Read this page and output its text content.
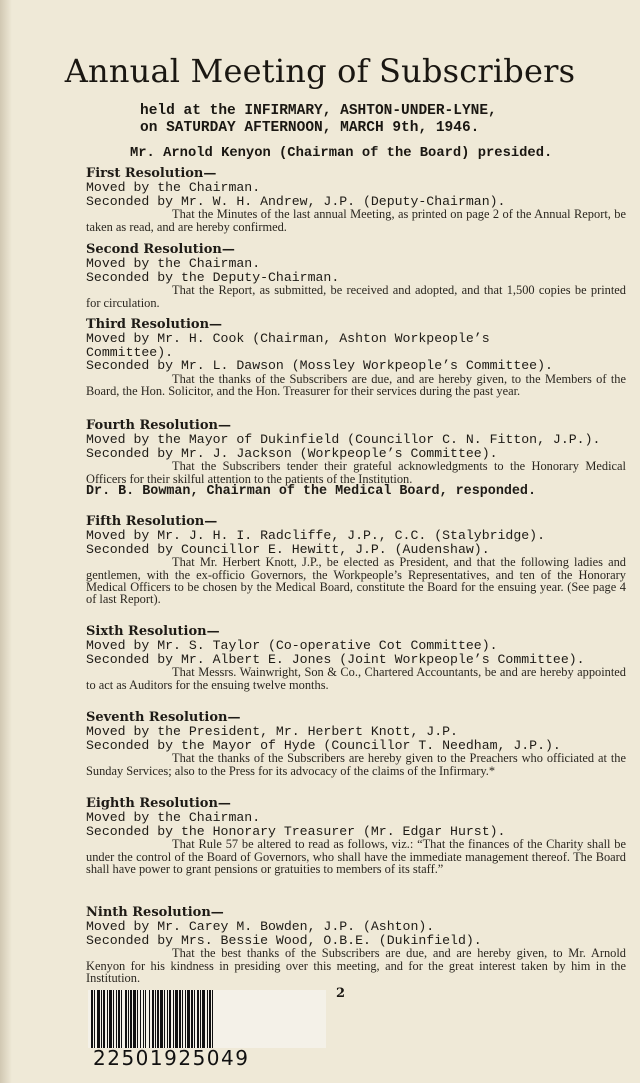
Annual Meeting of Subscribers
held at the INFIRMARY, ASHTON-UNDER-LYNE,
on SATURDAY AFTERNOON, MARCH 9th, 1946.
Mr. Arnold Kenyon (Chairman of the Board) presided.
First Resolution—
Moved by the Chairman.
Seconded by Mr. W. H. Andrew, J.P. (Deputy-Chairman).
That the Minutes of the last annual Meeting, as printed on page 2 of the Annual Report, be taken as read, and are hereby confirmed.
Second Resolution—
Moved by the Chairman.
Seconded by the Deputy-Chairman.
That the Report, as submitted, be received and adopted, and that 1,500 copies be printed for circulation.
Third Resolution—
Moved by Mr. H. Cook (Chairman, Ashton Workpeople’s
Committee).
Seconded by Mr. L. Dawson (Mossley Workpeople’s Committee).
That the thanks of the Subscribers are due, and are hereby given, to the Members of the Board, the Hon. Solicitor, and the Hon. Treasurer for their services during the past year.
Fourth Resolution—
Moved by the Mayor of Dukinfield (Councillor C. N. Fitton, J.P.).
Seconded by Mr. J. Jackson (Workpeople’s Committee).
That the Subscribers tender their grateful acknowledgments to the Honorary Medical Officers for their skilful attention to the patients of the Institution.
Dr. B. Bowman, Chairman of the Medical Board, responded.
Fifth Resolution—
Moved by Mr. J. H. I. Radcliffe, J.P., C.C. (Stalybridge).
Seconded by Councillor E. Hewitt, J.P. (Audenshaw).
That Mr. Herbert Knott, J.P., be elected as President, and that the following ladies and gentlemen, with the ex-officio Governors, the Workpeople’s Representatives, and ten of the Honorary Medical Officers to be chosen by the Medical Board, constitute the Board for the ensuing year. (See page 4 of last Report).
Sixth Resolution—
Moved by Mr. S. Taylor (Co-operative Cot Committee).
Seconded by Mr. Albert E. Jones (Joint Workpeople’s Committee).
That Messrs. Wainwright, Son & Co., Chartered Accountants, be and are hereby appointed to act as Auditors for the ensuing twelve months.
Seventh Resolution—
Moved by the President, Mr. Herbert Knott, J.P.
Seconded by the Mayor of Hyde (Councillor T. Needham, J.P.).
That the thanks of the Subscribers are hereby given to the Preachers who officiated at the Sunday Services; also to the Press for its advocacy of the claims of the Infirmary.*
Eighth Resolution—
Moved by the Chairman.
Seconded by the Honorary Treasurer (Mr. Edgar Hurst).
That Rule 57 be altered to read as follows, viz.: “That the finances of the Charity shall be under the control of the Board of Governors, who shall have the immediate management thereof. The Board shall have power to grant pensions or gratuities to members of its staff.”
Ninth Resolution—
Moved by Mr. Carey M. Bowden, J.P. (Ashton).
Seconded by Mrs. Bessie Wood, O.B.E. (Dukinfield).
That the best thanks of the Subscribers are due, and are hereby given, to Mr. Arnold Kenyon for his kindness in presiding over this meeting, and for the great interest taken by him in the Institution.
2
22501925049
